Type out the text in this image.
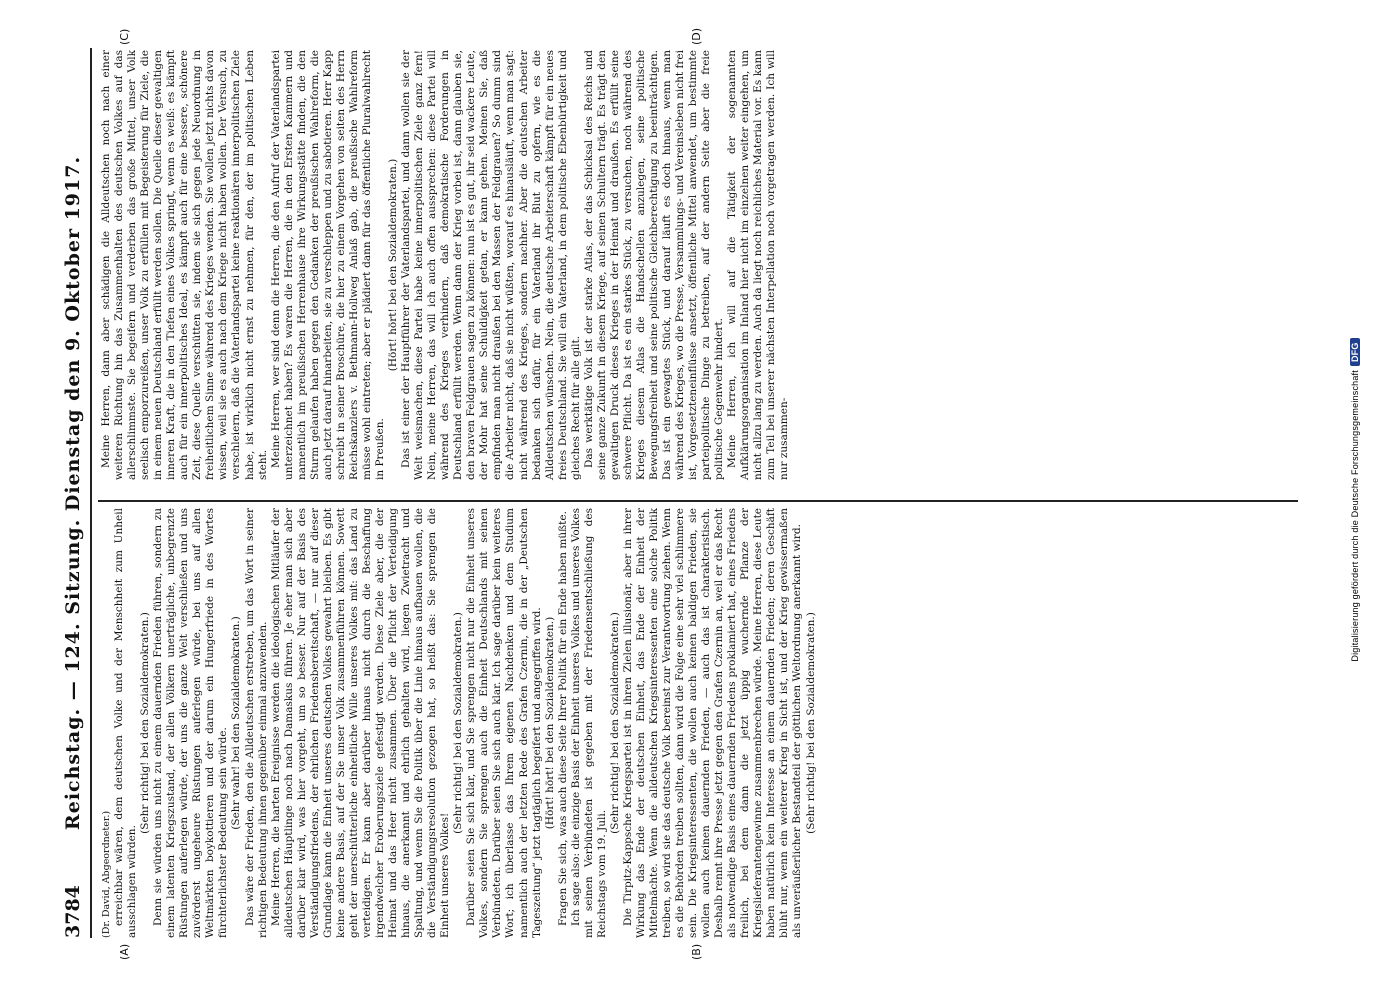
3784
Reichstag. — 124. Sitzung. Dienstag den 9. Oktober 1917.
(A)	(B)
(C)	(D)

(Dr. David, Abgeordneter.) erreichbar wären, dem deutschen Volke und der Menschheit zum Unheil ausschlagen würden.

(Sehr richtig! bei den Sozialdemokraten.) Denn sie würden uns nicht zu einem dauernden Frieden führen, sondern zu einem latenten Kriegszustand, der allen Völkern unerträgliche, unbegrenzte Rüstungen auferlegen würde, der uns die ganze Welt verschließen und uns zuvörderst ungeheure Rüstungen auferlegen würde, bei uns auf allen Weltmärkten boykottieren und der darum ein Hungerfriede in des Wortes fürchterlichster Bedeutung sein würde.

(Sehr wahr! bei den Sozialdemokraten.) Das wäre der Frieden, den die Alldeutschen erstreben, um das Wort in seiner richtigen Bedeutung ihnen gegenüber einmal anzuwenden. Meine Herren, die harten Ereignisse werden die ideologischen Mitläufer der alldeutschen Häuptlinge noch nach Damaskus führen. Je eher man sich aber darüber klar wird, was hier vorgeht, um so besser. Nur auf der Basis des Verständigungsfriedens, der ehrlichen Friedensbereitschaft, — nur auf dieser Grundlage kann die Einheit unseres deutschen Volkes gewahrt bleiben. Es gibt keine andere Basis, auf der Sie unser Volk zusammenführen können. Sowett geht der unerschütterliche einheitliche Wille unseres Volkes mit: das Land zu verteidigen. Er kann aber darüber hinaus nicht durch die Beschaffung irgendwelcher Eroberungsziele gefestigt werden. Diese Ziele aber, die der Heimat und das Heer nicht zusammen. Über die Pflicht der Verteidigung hinaus, die anerkannt und ehrlich gehalten wird, liegen Zwietracht und Spaltung, und wenn Sie die Politik über die Linie hinaus aufbauen wollen, die die Verständigungsresolution gezogen hat, so heißt das: Sie sprengen die Einheit unseres Volkes!

(Sehr richtig! bei den Sozialdemokraten.) Darüber seien Sie sich klar, und Sie sprengen nicht nur die Einheit unseres Volkes, sondern Sie sprengen auch die Einheit Deutschlands mit seinen Verbündeten. Darüber seien Sie sich auch klar. Ich sage darüber kein weiteres Wort; ich überlasse das Ihrem eigenen Nachdenken und dem Studium namentlich auch der letzten Rede des Grafen Czernin, die in der „Deutschen Tageszeitung“ jetzt tagtäglich begeifert und angegriffen wird. (Hört! hört! bei den Sozialdemokraten.) Fragen Sie sich, was auch diese Seite Ihrer Politik für ein Ende haben müßte. Ich sage also: die einzige Basis der Einheit unseres Volkes und unseres Volkes mit seinen Verbündeten ist gegeben mit der Friedensentschließung des Reichstags vom 19. Juli.

(Sehr richtig! bei den Sozialdemokraten.) Die Tirpitz-Kappsche Kriegspartei ist in ihren Zielen illusionär, aber in ihrer Wirkung das Ende der deutschen Einheit, das Ende der Einheit der Mittelmächte. Wenn die alldeutschen Kriegsinteressenten eine solche Politik treiben, so wird sie das deutsche Volk bereinst zur Verantwortung ziehen. Wenn es die Behörden treiben sollten, dann wird die Folge eine sehr viel schlimmere sein. Die Kriegsinteressenten, die wollen auch keinen baldigen Frieden, sie wollen auch keinen dauernden Frieden, — auch das ist charakteristisch. Deshalb rennt ihre Presse jetzt gegen den Grafen Czernin an, weil er das Recht als notwendige Basis eines dauernden Friedens proklamiert hat, eines Friedens freilich, bei dem dann die jetzt üppig wuchernde Pflanze der Kriegslieferantengewinne zusammenbrechen würde. Meine Herren, diese Leute haben natürlich kein Interesse an einem dauernden Frieden; deren Geschäft blüht nur, wenn ein weiterer Krieg in Sicht ist, und der Krieg gewissermaßen als unveräußerlicher Bestandteil der göttlichen Weltordnung anerkannt wird. (Sehr richtig! bei den Sozialdemokraten.)

Meine Herren, dann aber schädigen die Alldeutschen noch nach einer weiteren Richtung hin das Zusammenhalten des deutschen Volkes auf das allerschlimmste. Sie begeifern und verderben das große Mittel, unser Volk seelisch emporzureißen, unser Volk zu erfüllen mit Begeisterung für Ziele, die in einem neuen Deutschland erfüllt werden sollen. Die Quelle dieser gewaltigen inneren Kraft, die in den Tiefen eines Volkes springt, wenn es weiß: es kämpft auch für ein innerpolitisches Ideal, es kämpft auch für eine bessere, schönere Zeit, diese Quelle verschütten sie, indem sie sich gegen jede Neuordnung in freiheitlichem Sinne während des Krieges wenden. Sie wollen jetzt nichts davon wissen, weil sie es auch nach dem Kriege nicht haben wollen. Der Versuch, zu verschleiern, daß die Vaterlandspartei keine reaktionären innerpolitischen Ziele habe, ist wirklich nicht ernst zu nehmen, für den, der im politischen Leben steht. Meine Herren, wer sind denn die Herren, die den Aufruf der Vaterlandspartei unterzeichnet haben? Es waren die Herren, die in den Ersten Kammern und namentlich im preußischen Herrenhause ihre Wirkungsstätte finden, die den Sturm gelaufen haben gegen den Gedanken der preußischen Wahlreform, die auch jetzt darauf hinarbeiten, sie zu verschleppen und zu sabotieren. Herr Kapp schreibt in seiner Broschüre, die hier zu einem Vorgehen von seiten des Herrn Reichskanzlers v. Bethmann-Hollweg Anlaß gab, die preußische Wahlreform müsse wohl eintreten; aber er plädiert dann für das öffentliche Pluralwahlrecht in Preußen.

(Hört! hört! bei den Sozialdemokraten.) Das ist einer der Hauptführer der Vaterlandspartei, und dann wollen sie der Welt weismachen, diese Partei habe keine innerpolitischen Ziele ganz fern! Nein, meine Herren, das will ich auch offen aussprechen: diese Partei will während des Krieges verhindern, daß demokratische Forderungen in Deutschland erfüllt werden. Wenn dann der Krieg vorbei ist, dann glauben sie, den braven Feldgrauen sagen zu können: nun ist es gut, ihr seid wackere Leute, der Mohr hat seine Schuldigkeit getan, er kann gehen. Meinen Sie, daß empfinden man nicht draußen bei den Massen der Feldgrauen? So dumm sind die Arbeiter nicht, daß sie nicht wüßten, worauf es hinausläuft, wenn man sagt: nicht während des Krieges, sondern nachher. Aber die deutschen Arbeiter bedanken sich dafür, für ein Vaterland ihr Blut zu opfern, wie es die Alldeutschen wünschen. Nein, die deutsche Arbeiterschaft kämpft für ein neues freies Deutschland. Sie will ein Vaterland, in dem politische Ebenbürtigkeit und gleiches Recht für alle gilt. Das werktätige Volk ist der starke Atlas, der das Schicksal des Reichs und seine ganze Zukunft in diesem Kriege, auf seinen Schultern trägt. Es trägt den gewaltigen Druck dieses Krieges in der Heimat und draußen. Es erfüllt seine schwere Pflicht. Da ist es ein starkes Stück, zu versuchen, noch während des Krieges diesem Atlas die Handschellen anzulegen, seine politische Bewegungsfreiheit und seine politische Gleichberechtigung zu beeinträchtigen. Das ist ein gewagtes Stück, und darauf läuft es doch hinaus, wenn man während des Krieges, wo die Presse, Versammlungs- und Vereinsleben nicht frei ist, Vorgesetzteneinflüsse ansetzt, öffentliche Mittel anwendet, um bestimmte parteipolitische Dinge zu betreiben, auf der andern Seite aber die freie politische Gegenwehr hindert. Meine Herren, ich will auf die Tätigkeit der sogenannten Aufklärungsorganisation im Inland hier nicht im einzelnen weiter eingehen, um nicht allzu lang zu werden. Auch da liegt noch reichliches Material vor. Es kann zum Teil bei unserer nächsten Interpellation noch vorgetragen werden. Ich will nur zusammen-	Digitalisierung gefördert durch die Deutsche ForschungsgemeinschaftDFG
